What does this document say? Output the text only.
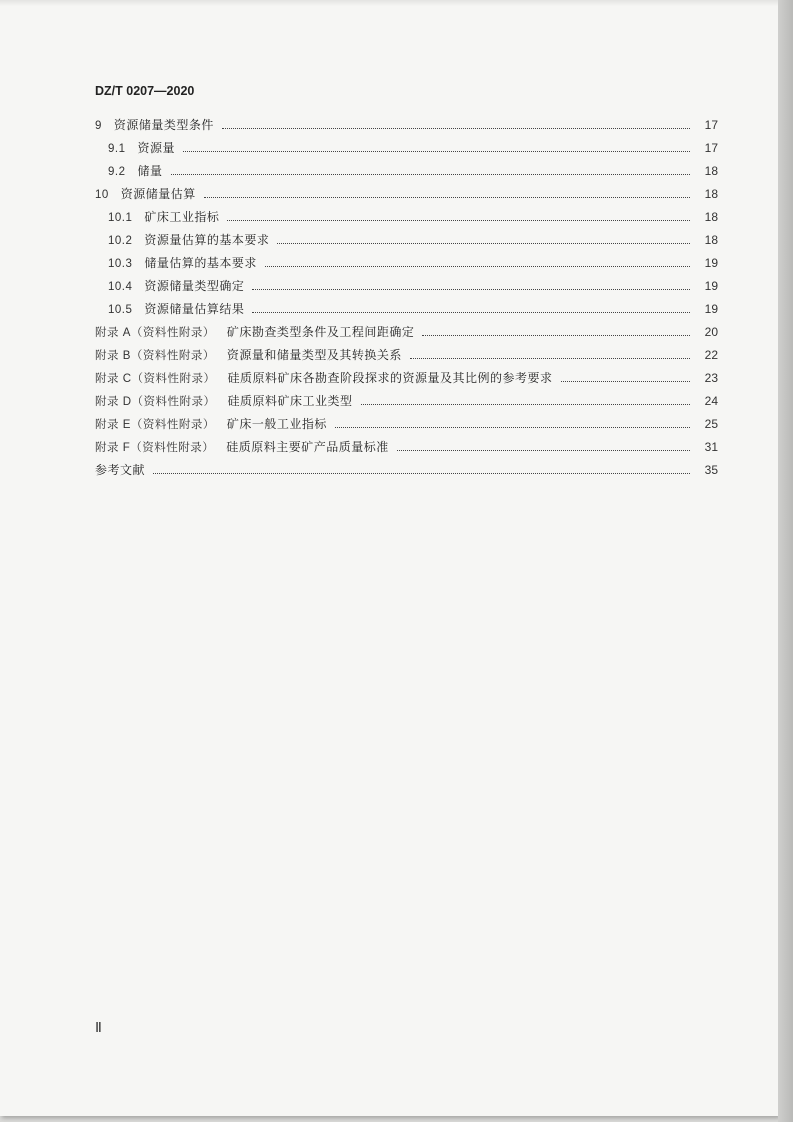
DZ/T 0207—2020
9 资源储量类型条件	17
9.1 资源量	17
9.2 储量	18
10 资源储量估算	18
10.1 矿床工业指标	18
10.2 资源量估算的基本要求	18
10.3 储量估算的基本要求	19
10.4 资源储量类型确定	19
10.5 资源储量估算结果	19
附录 A（资料性附录） 矿床勘查类型条件及工程间距确定	20
附录 B（资料性附录） 资源量和储量类型及其转换关系	22
附录 C（资料性附录） 硅质原料矿床各勘查阶段探求的资源量及其比例的参考要求	23
附录 D（资料性附录） 硅质原料矿床工业类型	24
附录 E（资料性附录） 矿床一般工业指标	25
附录 F（资料性附录） 硅质原料主要矿产品质量标准	31
参考文献	35
Ⅱ
